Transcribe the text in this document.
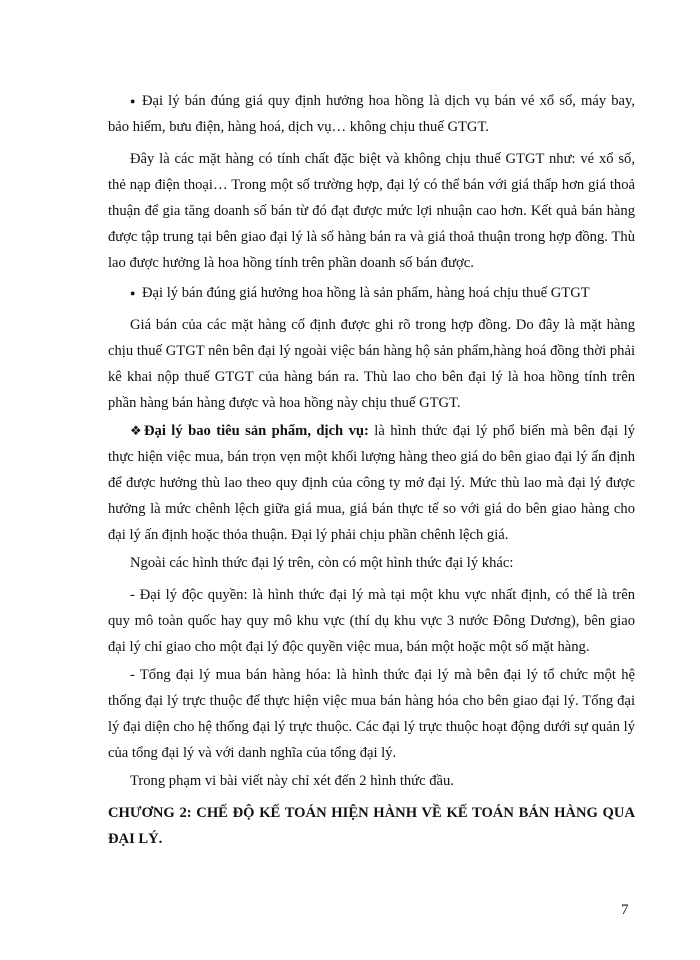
● Đại lý bán đúng giá quy định hưởng hoa hồng là dịch vụ bán vé xổ số, máy bay,
bảo hiểm, bưu điện, hàng hoá, dịch vụ… không chịu thuế GTGT.
Đây là các mặt hàng có tính chất đặc biệt và không chịu thuế GTGT như: vé xổ số,
thẻ nạp điện thoại… Trong một số trường hợp, đại lý có thể bán với giá thấp hơn giá thoả
thuận để gia tăng doanh số bán từ đó đạt được mức lợi nhuận cao hơn. Kết quả bán hàng
được tập trung tại bên giao đại lý là số hàng bán ra và giá thoả thuận trong hợp đồng. Thù
lao được hưởng là hoa hồng tính trên phần doanh số bán được.
● Đại lý bán đúng giá hưởng hoa hồng là sản phẩm, hàng hoá chịu thuế GTGT
Giá bán của các mặt hàng cố định được ghi rõ trong hợp đồng. Do đây là mặt hàng
chịu thuế GTGT nên bên đại lý ngoài việc bán hàng hộ sản phẩm,hàng hoá đồng thời phải
kê khai nộp thuế GTGT của hàng bán ra. Thù lao cho bên đại lý là hoa hồng tính trên
phần hàng bán hàng được và hoa hồng này chịu thuế GTGT.
❖ Đại lý bao tiêu sản phẩm, dịch vụ: là hình thức đại lý phổ biến mà bên đại lý
thực hiện việc mua, bán trọn vẹn một khối lượng hàng theo giá do bên giao đại lý ấn định
để được hưởng thù lao theo quy định của công ty mở đại lý. Mức thù lao mà đại lý được
hưởng là mức chênh lệch giữa giá mua, giá bán thực tế so với giá do bên giao hàng cho
đại lý ấn định hoặc thỏa thuận. Đại lý phải chịu phần chênh lệch giá.
Ngoài các hình thức đại lý trên, còn có một hình thức đại lý khác:
- Đại lý độc quyền: là hình thức đại lý mà tại một khu vực nhất định, có thể là trên
quy mô toàn quốc hay quy mô khu vực (thí dụ khu vực 3 nước Đông Dương), bên giao
đại lý chỉ giao cho một đại lý độc quyền việc mua, bán một hoặc một số mặt hàng.
- Tổng đại lý mua bán hàng hóa: là hình thức đại lý mà bên đại lý tổ chức một hệ
thống đại lý trực thuộc để thực hiện việc mua bán hàng hóa cho bên giao đại lý. Tổng đại
lý đại diện cho hệ thống đại lý trực thuộc. Các đại lý trực thuộc hoạt động dưới sự quản lý
của tổng đại lý và với danh nghĩa của tổng đại lý.
Trong phạm vi bài viết này chỉ xét đến 2 hình thức đầu.
CHƯƠNG 2: CHẾ ĐỘ KẾ TOÁN HIỆN HÀNH VỀ KẾ TOÁN BÁN HÀNG QUA
ĐẠI LÝ.
7
